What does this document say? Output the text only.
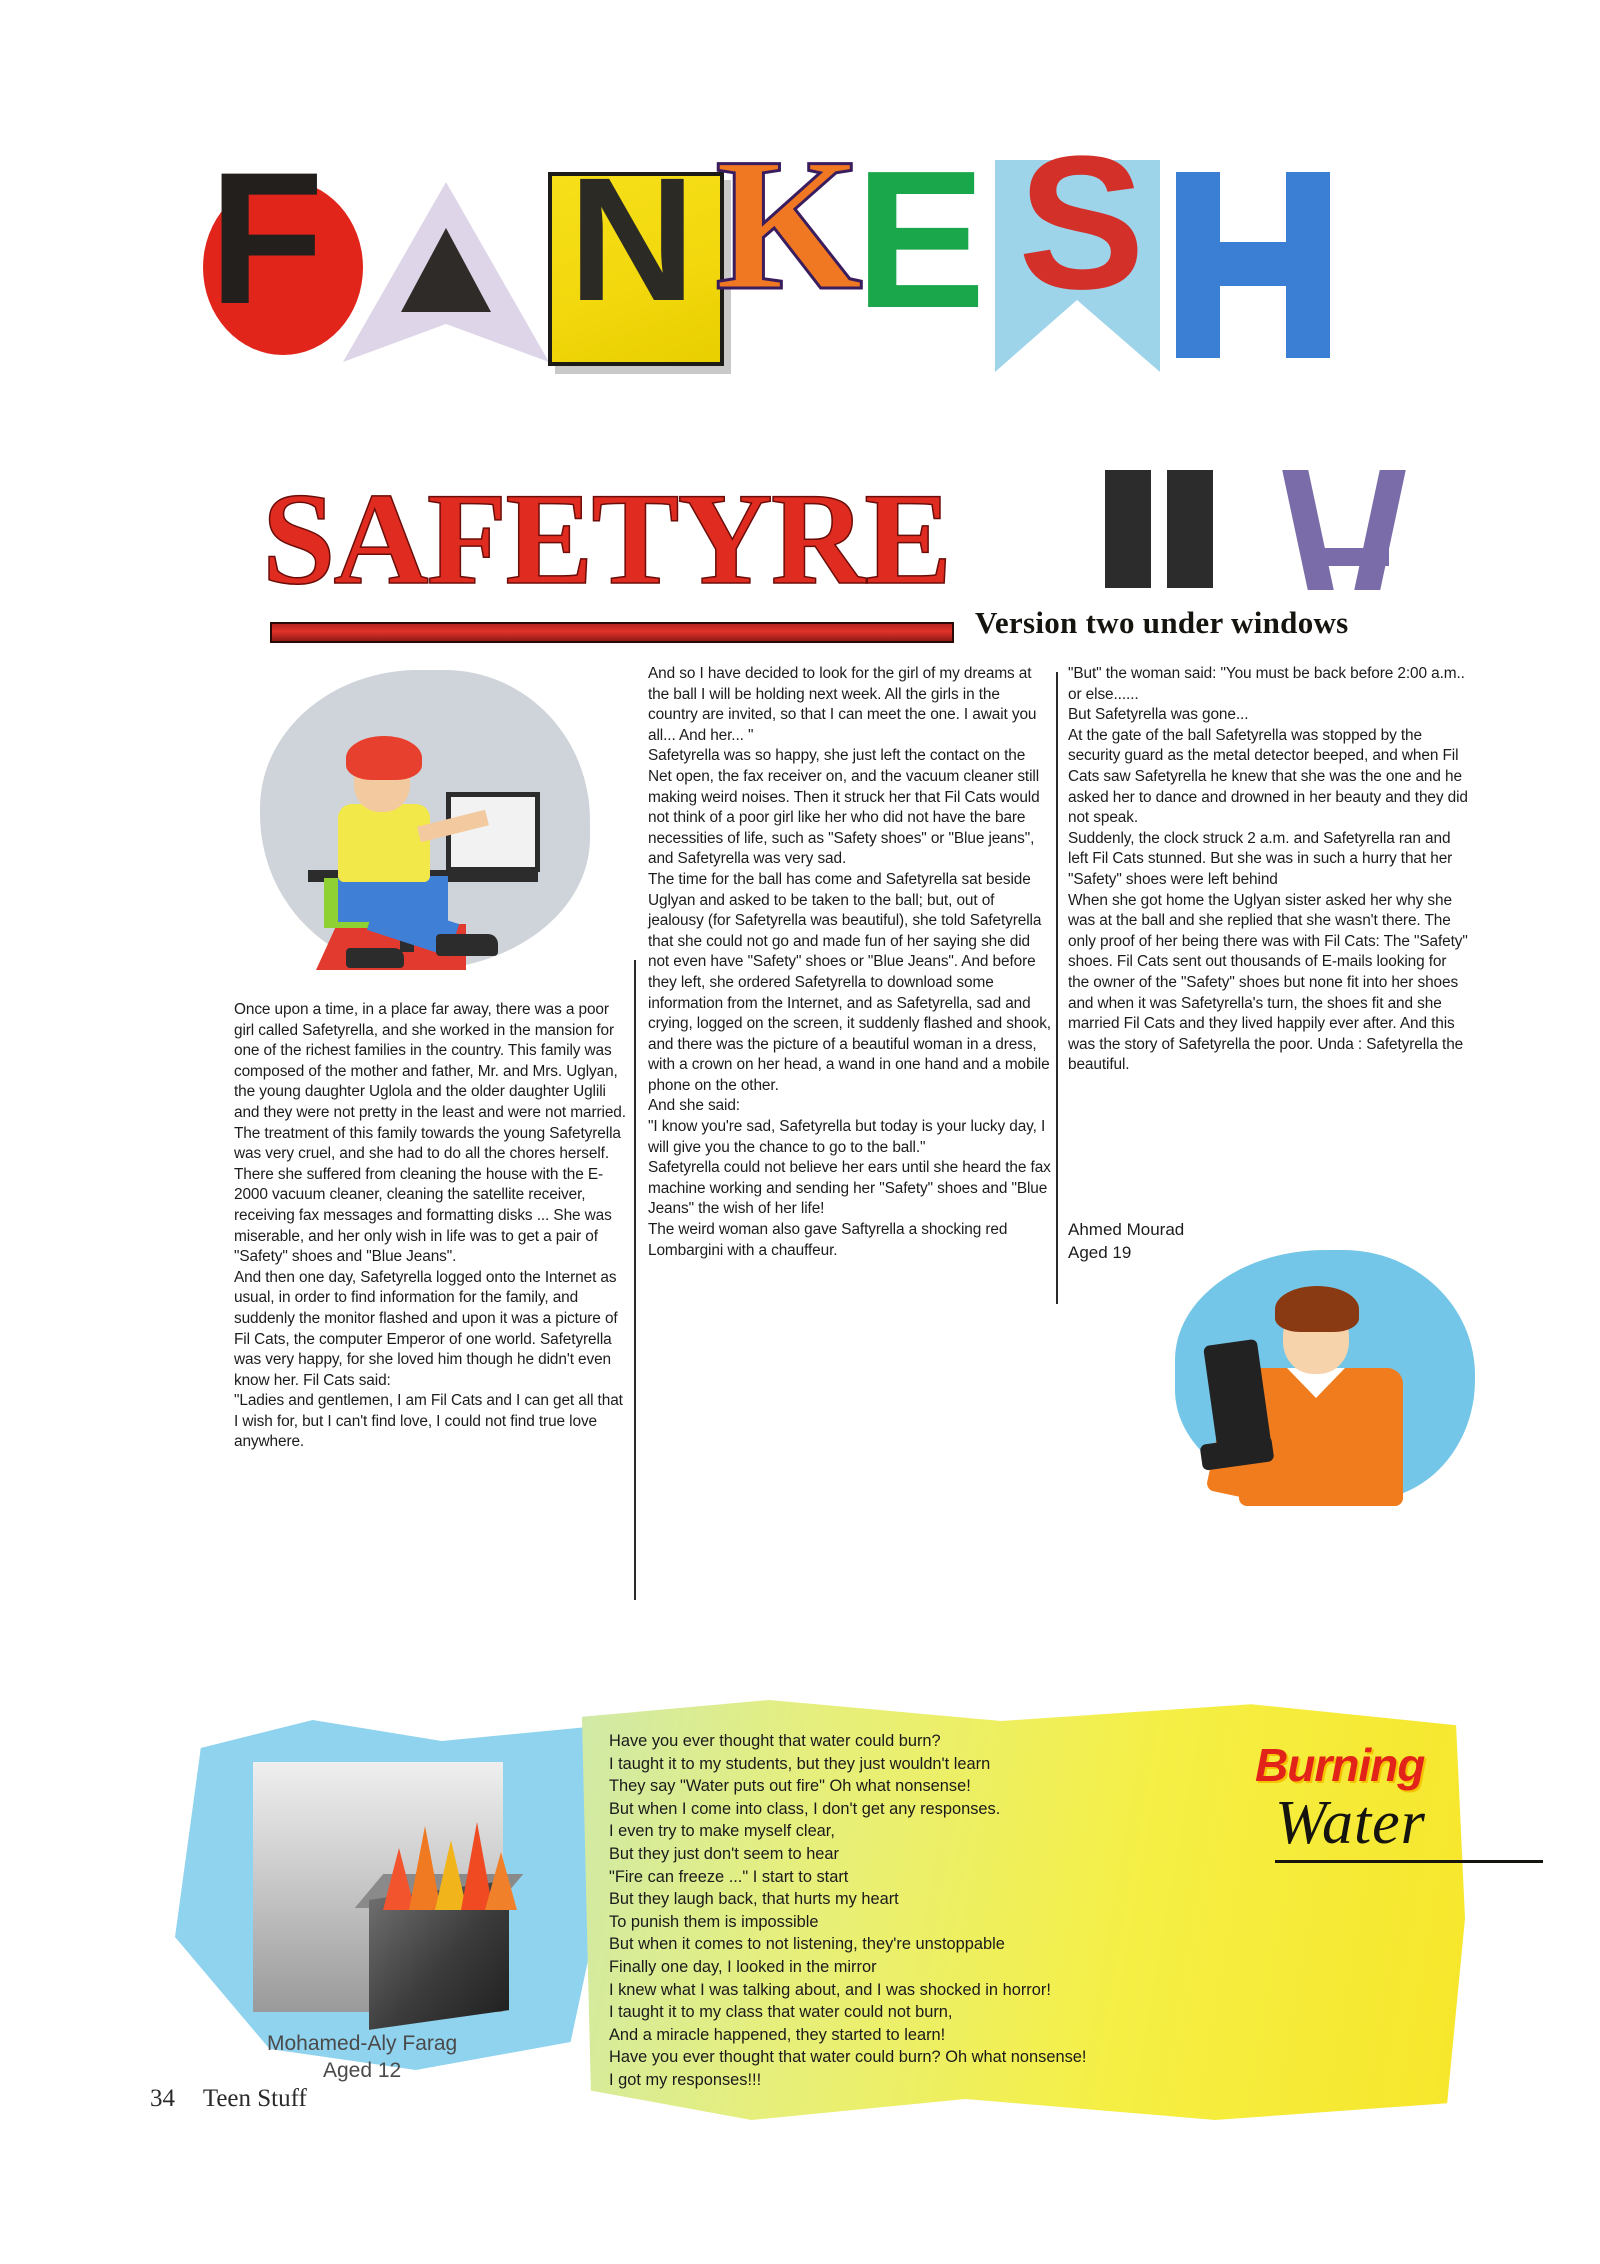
F N K
E S
SAFETYRE
Version two under windows

Once upon a time, in a place far away, there was a poor girl called Safetyrella, and she worked in the mansion for one of the richest families in the country. This family was composed of the mother and father, Mr. and Mrs. Uglyan, the young daughter Uglola and the older daughter Uglili and they were not pretty in the least and were not married. The treatment of this family towards the young Safetyrella was very cruel, and she had to do all the chores herself. There she suffered from cleaning the house with the E-2000 vacuum cleaner, cleaning the satellite receiver, receiving fax messages and formatting disks ... She was miserable, and her only wish in life was to get a pair of "Safety" shoes and "Blue Jeans".

And then one day, Safetyrella logged onto the Internet as usual, in order to find information for the family, and suddenly the monitor flashed and upon it was a picture of Fil Cats, the computer Emperor of one world. Safetyrella was very happy, for she loved him though he didn't even know her. Fil Cats said:

"Ladies and gentlemen, I am Fil Cats and I can get all that I wish for, but I can't find love, I could not find true love anywhere.

And so I have decided to look for the girl of my dreams at the ball I will be holding next week. All the girls in the country are invited, so that I can meet the one. I await you all... And her... "

Safetyrella was so happy, she just left the contact on the Net open, the fax receiver on, and the vacuum cleaner still making weird noises. Then it struck her that Fil Cats would not think of a poor girl like her who did not have the bare necessities of life, such as "Safety shoes" or "Blue jeans", and Safetyrella was very sad.

The time for the ball has come and Safetyrella sat beside Uglyan and asked to be taken to the ball; but, out of jealousy (for Safetyrella was beautiful), she told Safetyrella that she could not go and made fun of her saying she did not even have "Safety" shoes or "Blue Jeans". And before they left, she ordered Safetyrella to download some information from the Internet, and as Safetyrella, sad and crying, logged on the screen, it suddenly flashed and shook, and there was the picture of a beautiful woman in a dress, with a crown on her head, a wand in one hand and a mobile phone on the other.

And she said:

"I know you're sad, Safetyrella but today is your lucky day, I will give you the chance to go to the ball."

Safetyrella could not believe her ears until she heard the fax machine working and sending her "Safety" shoes and "Blue Jeans" the wish of her life!

The weird woman also gave Saftyrella a shocking red Lombargini with a chauffeur.

"But" the woman said: "You must be back before 2:00 a.m.. or else......

But Safetyrella was gone...

At the gate of the ball Safetyrella was stopped by the security guard as the metal detector beeped, and when Fil Cats saw Safetyrella he knew that she was the one and he asked her to dance and drowned in her beauty and they did not speak.

Suddenly, the clock struck 2 a.m. and Safetyrella ran and left Fil Cats stunned. But she was in such a hurry that her "Safety" shoes were left behind

When she got home the Uglyan sister asked her why she was at the ball and she replied that she wasn't there. The only proof of her being there was with Fil Cats: The "Safety" shoes. Fil Cats sent out thousands of E-mails looking for the owner of the "Safety" shoes but none fit into her shoes and when it was Safetyrella's turn, the shoes fit and she married Fil Cats and they lived happily ever after. And this was the story of Safetyrella the poor. Unda : Safetyrella the beautiful.

Ahmed Mourad
Aged 19
Mohamed-Aly Farag
Aged 12
Burning
Water
Have you ever thought that water could burn?
I taught it to my students, but they just wouldn't learn
They say "Water puts out fire" Oh what nonsense!
But when I come into class, I don't get any responses.
I even try to make myself clear,
But they just don't seem to hear
"Fire can freeze ..." I start to start
But they laugh back, that hurts my heart
To punish them is impossible
But when it comes to not listening, they're unstoppable
Finally one day, I looked in the mirror
I knew what I was talking about, and I was shocked in horror!
I taught it to my class that water could not burn,
And a miracle happened, they started to learn!
Have you ever thought that water could burn? Oh what nonsense!
I got my responses!!!
34 Teen Stuff
